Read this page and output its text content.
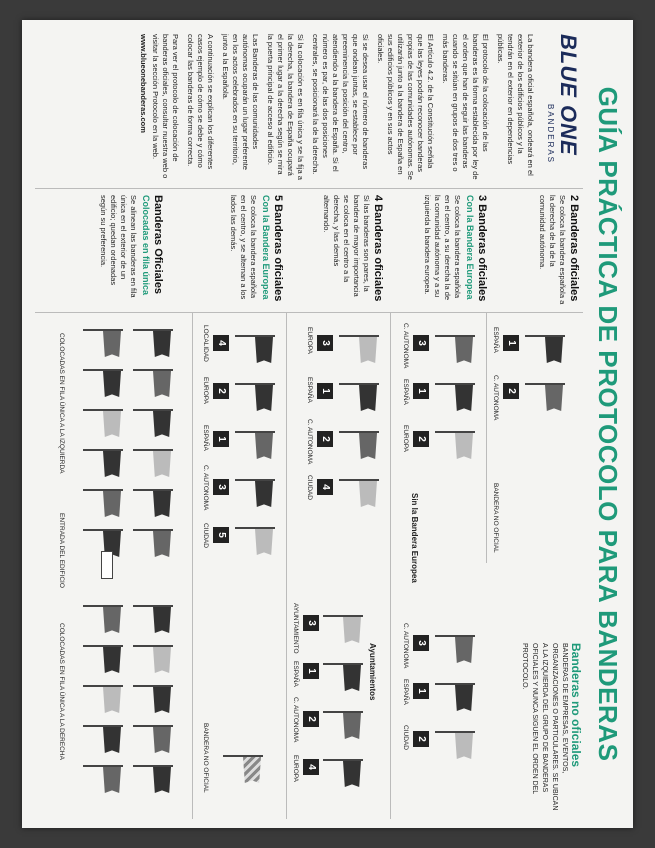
GUÍA PRÁCTICA DE PROTOCOLO PARA BANDERAS
BLUE ONE
BANDERAS

La bandera oficial española, ondeará en el exterior de los edificios públicos y la tendrán en el exterior en dependencias públicas.

El protocolo de la colocación de las banderas es la forma establecida por ley de el orden que han de seguir las banderas cuando se sitúan en grupos de dos tres o más banderas.

El Artículo 4.2. de la Constitución señala que las leyes podrán reconocer banderas propias de las comunidades autónomas. Se utilizarán junto a la bandera de España en sus edificios públicos y en sus actos oficiales.

Si se desea usar el número de banderas que ondean juntas, se establece por preeminencia la posición del centro, atendiendo a la bandera de España. Si el número es par, de las dos posiciones centrales, se posicionará la de la derecha.

Si la colocación es en fila única y se la fija a la derecha, la bandera de España ocupará el primer lugar a la derecha según se mira la puerta principal de acceso al edificio.

Las Banderas de las comunidades autónomas ocuparán un lugar preferente en los actos celebrados en su territorio, junto a la Española.

A continuación se explican los diferentes casos ejemplo de cómo se debe y cómo colocar las banderas de forma correcta.

Para ver el protocolo de colocación de banderas oficiales, consultar nuestra web o visitar la sección Protocolo en la web.

www.blueonebanderas.com
2 Banderas oficiales
Se coloca la bandera española a la derecha de la de la comunidad autónoma.
3 Banderas oficiales
Con la Bandera Europea
Se coloca la bandera española en el centro, a su derecha la de la comunidad autónoma y a su izquierda la bandera europea.
4 Banderas oficiales
Si las banderas son pares, la bandera de mayor importancia se coloca en el centro a la derecha, y las demás alternando.
5 Banderas oficiales
Con la Bandera Europea
Se coloca la bandera española en el centro, y se alternan a los lados las demás.
Banderas Oficiales
Colocadas en fila única
Se alinean las banderas en fila única en el exterior de un edificio; quedan ordenadas según su preferencia.
1
2
ESPAÑA
C. AUTONOMA
BANDERA NO OFICIAL
3
1
2
C. AUTONOMA
ESPAÑA
EUROPA
Sin la Bandera Europea
3
1
2
C. AUTONOMA
ESPAÑA
CIUDAD	Banderas no oficiales
BANDERAS DE EMPRESAS, EVENTOS, ORGANIZACIONES O PARTICULARES. SE UBICAN A LA IZQUIERDA DEL GRUPO DE BANDERAS OFICIALES Y NUNCA SIGUEN EL ORDEN DEL PROTOCOLO.
3
1
2
4
EUROPA
ESPAÑA
C. AUTONOMA
CIUDAD
Ayuntamientos
3
1
2
4
AYUNTAMIENTO
ESPAÑA
C. AUTONOMA
EUROPA
4
2
1
3
5
LOCALIDAD
EUROPA
ESPAÑA
C. AUTONOMA
CIUDAD
BANDERA NO OFICIAL
COLOCADAS EN FILA ÚNICA A LA IZQUIERDA
ENTRADA DEL EDIFICIO
COLOCADAS EN FILA ÚNICA A LA DERECHA
